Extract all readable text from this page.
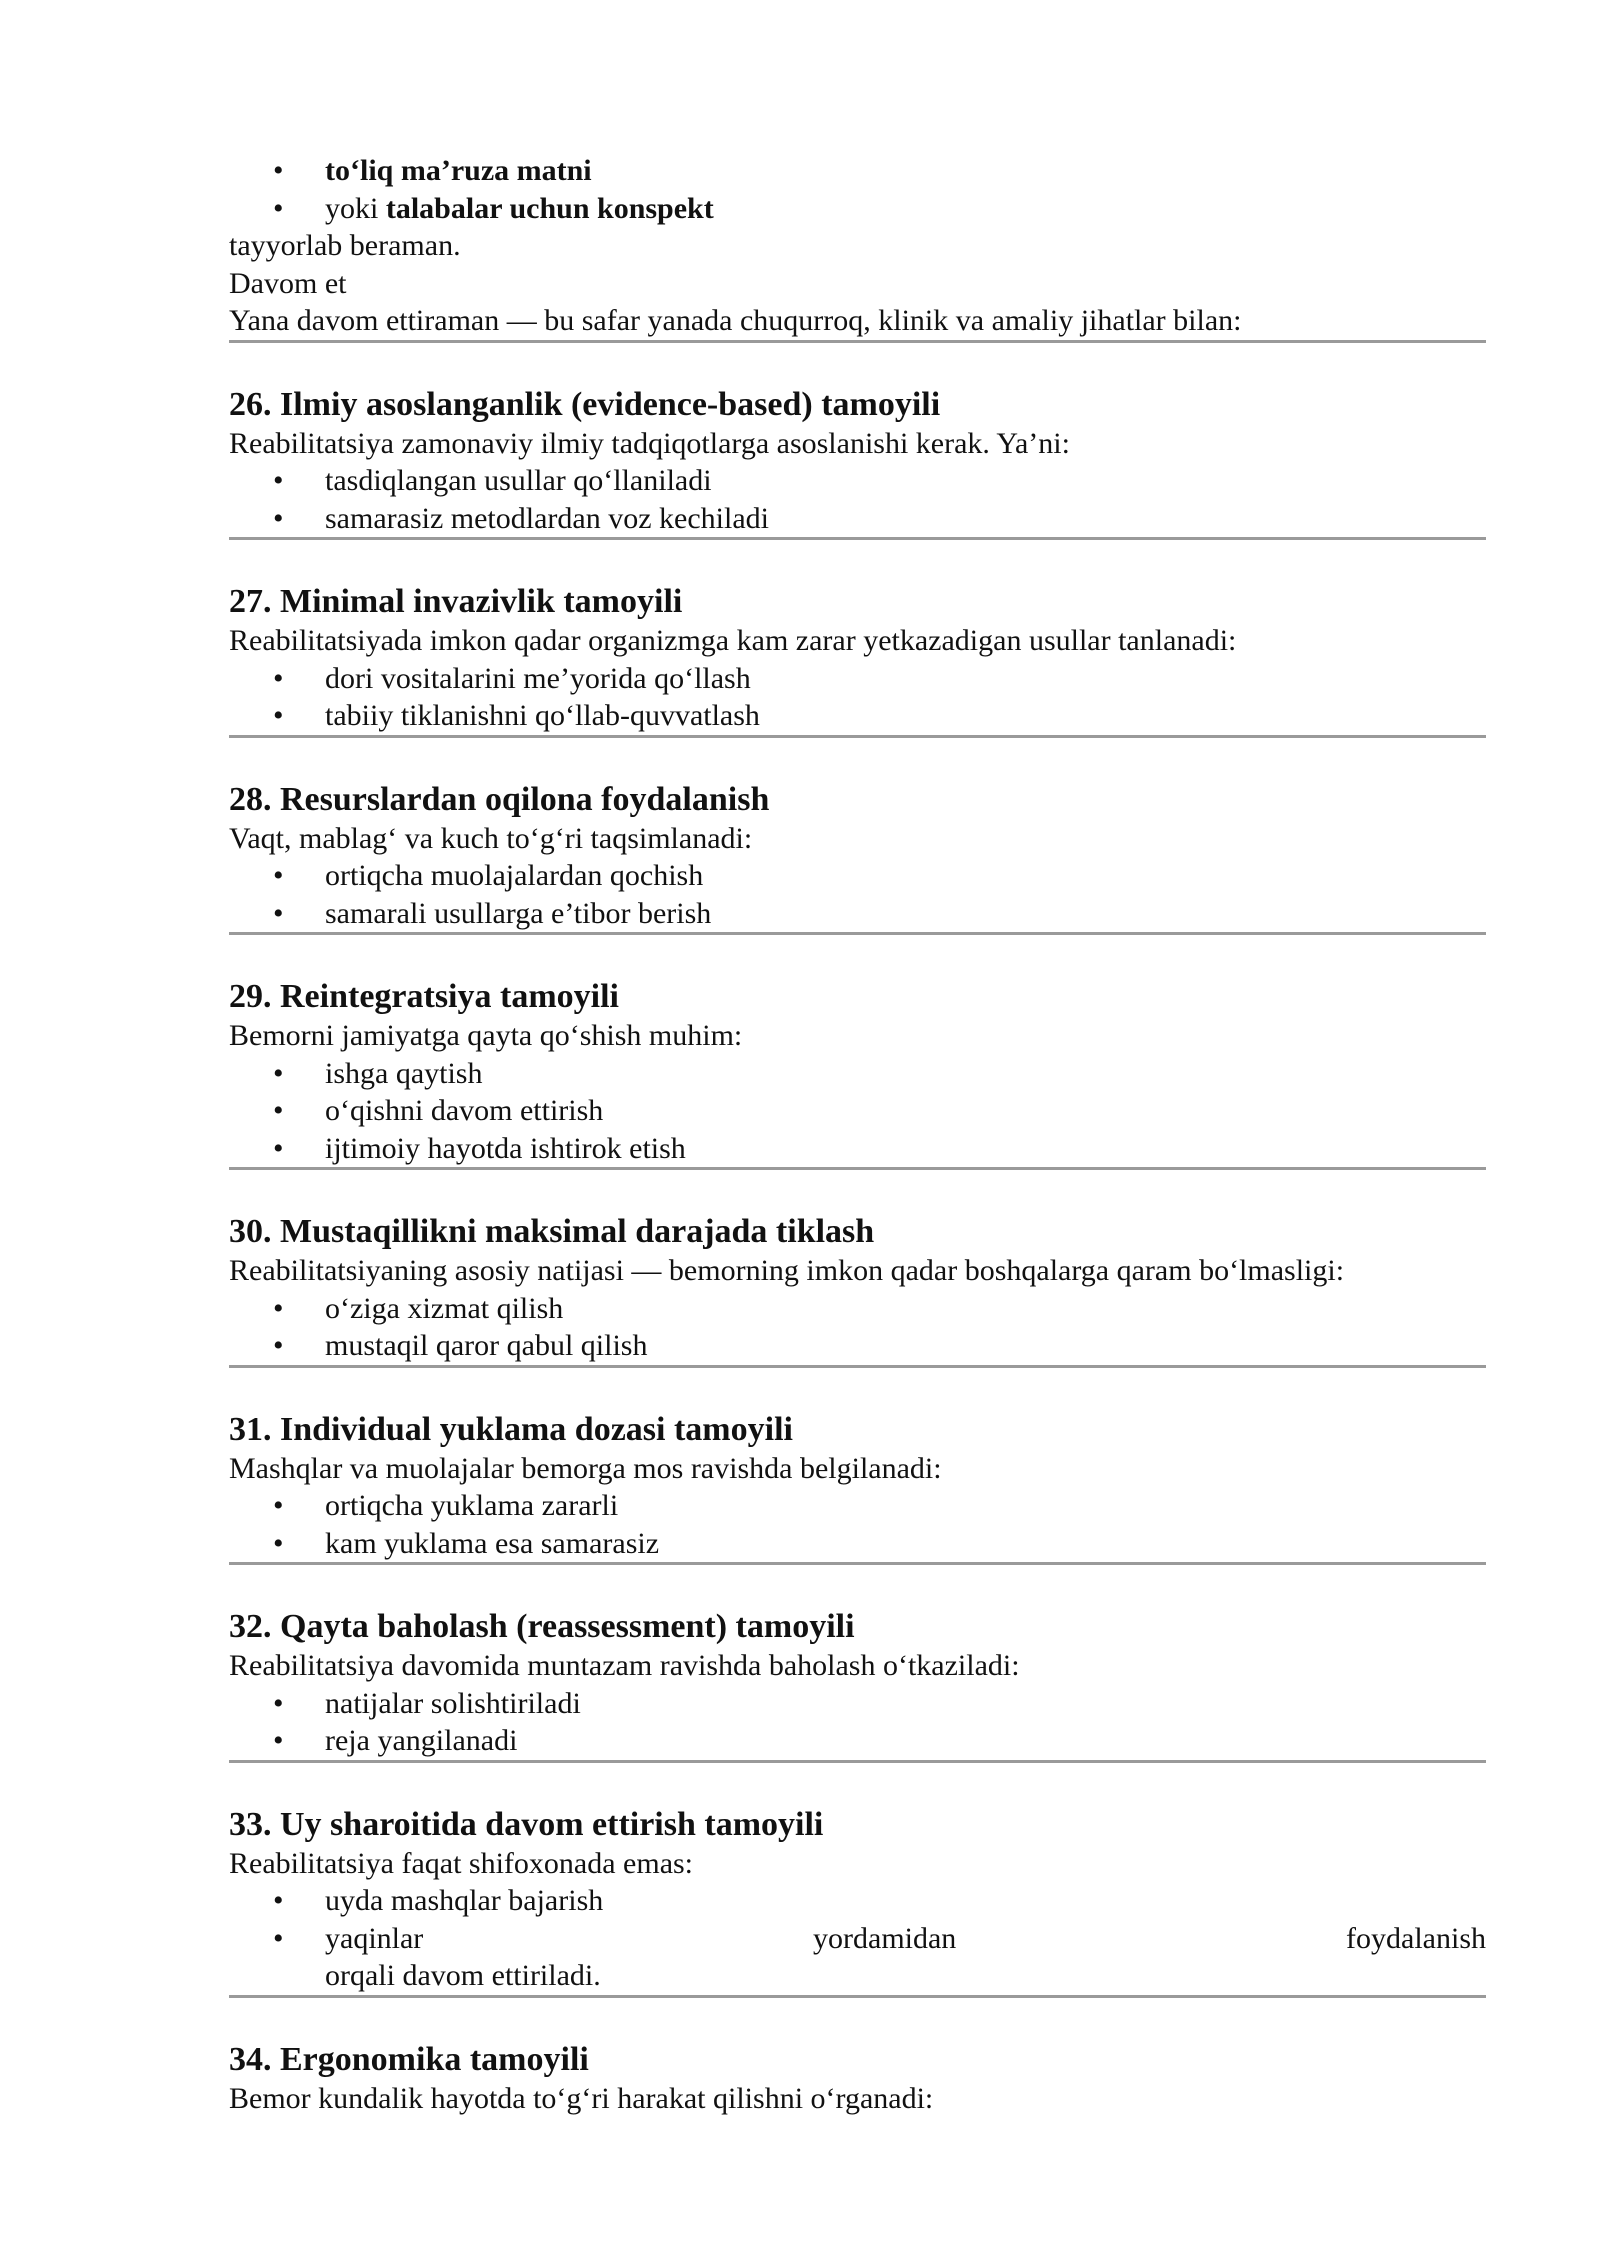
• to‘liq ma’ruza matni
• yoki talabalar uchun konspekt

tayyorlab beraman.

Davom et

Yana davom ettiraman — bu safar yanada chuqurroq, klinik va amaliy jihatlar bilan:

26. Ilmiy asoslanganlik (evidence-based) tamoyili

Reabilitatsiya zamonaviy ilmiy tadqiqotlarga asoslanishi kerak. Ya’ni:

• tasdiqlangan usullar qo‘llaniladi
• samarasiz metodlardan voz kechiladi
27. Minimal invazivlik tamoyili

Reabilitatsiyada imkon qadar organizmga kam zarar yetkazadigan usullar tanlanadi:

• dori vositalarini me’yorida qo‘llash
• tabiiy tiklanishni qo‘llab-quvvatlash
28. Resurslardan oqilona foydalanish

Vaqt, mablag‘ va kuch to‘g‘ri taqsimlanadi:

• ortiqcha muolajalardan qochish
• samarali usullarga e’tibor berish
29. Reintegratsiya tamoyili

Bemorni jamiyatga qayta qo‘shish muhim:

• ishga qaytish
• o‘qishni davom ettirish
• ijtimoiy hayotda ishtirok etish
30. Mustaqillikni maksimal darajada tiklash

Reabilitatsiyaning asosiy natijasi — bemorning imkon qadar boshqalarga qaram bo‘lmasligi:

• o‘ziga xizmat qilish
• mustaqil qaror qabul qilish
31. Individual yuklama dozasi tamoyili

Mashqlar va muolajalar bemorga mos ravishda belgilanadi:

• ortiqcha yuklama zararli
• kam yuklama esa samarasiz
32. Qayta baholash (reassessment) tamoyili

Reabilitatsiya davomida muntazam ravishda baholash o‘tkaziladi:

• natijalar solishtiriladi
• reja yangilanadi
33. Uy sharoitida davom ettirish tamoyili

Reabilitatsiya faqat shifoxonada emas:

• uyda mashqlar bajarish
• yaqinlar	yordamidan	foydalanish
orqali davom ettiriladi.
34. Ergonomika tamoyili

Bemor kundalik hayotda to‘g‘ri harakat qilishni o‘rganadi:
